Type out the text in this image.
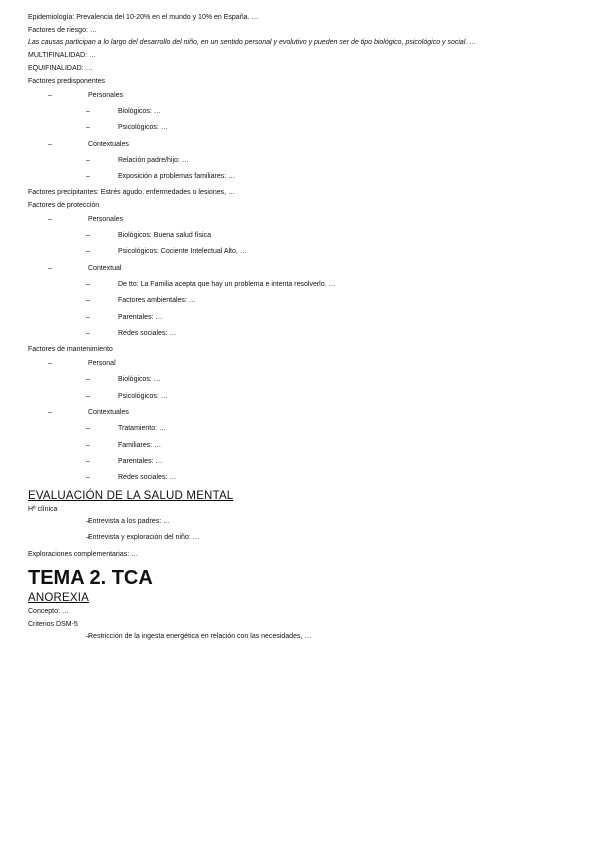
Epidemiología: Prevalencia del 10-20% en el mundo y 10% en España. …

Factores de riesgo: …

Las causas participan a lo largo del desarrollo del niño, en un sentido personal y evolutivo y pueden ser de tipo biológico, psicológico y social. …

MULTIFINALIDAD: …

EQUIFINALIDAD: …

Factores predisponentes

– Personales
– Biológicos: …
– Psicológicos: …
– Contextuales
– Relación padre/hijo: …
– Exposición a problemas familiares: …

Factores precipitantes: Estrés agudo, enfermedades o lesiones, …

Factores de protección

– Personales
– Biológicos: Buena salud física
– Psicológicos: Cociente Intelectual Alto, …
– Contextual
– De tto: La Familia acepta que hay un problema e intenta resolverlo. …
– Factores ambientales: …
– Parentales: …
– Redes sociales: …

Factores de mantenimiento

– Personal
– Biológicos: …
– Psicológicos: …
– Contextuales
– Tratamiento: …
– Familiares: …
– Parentales: …
– Redes sociales: …
EVALUACIÓN DE LA SALUD MENTAL

Hª clínica

– Entrevista a los padres: …
– Entrevista y exploración del niño: …

Exploraciones complementarias: …

TEMA 2. TCA
ANOREXIA

Concepto: …

Criterios DSM-5

– Restricción de la ingesta energética en relación con las necesidades, …
